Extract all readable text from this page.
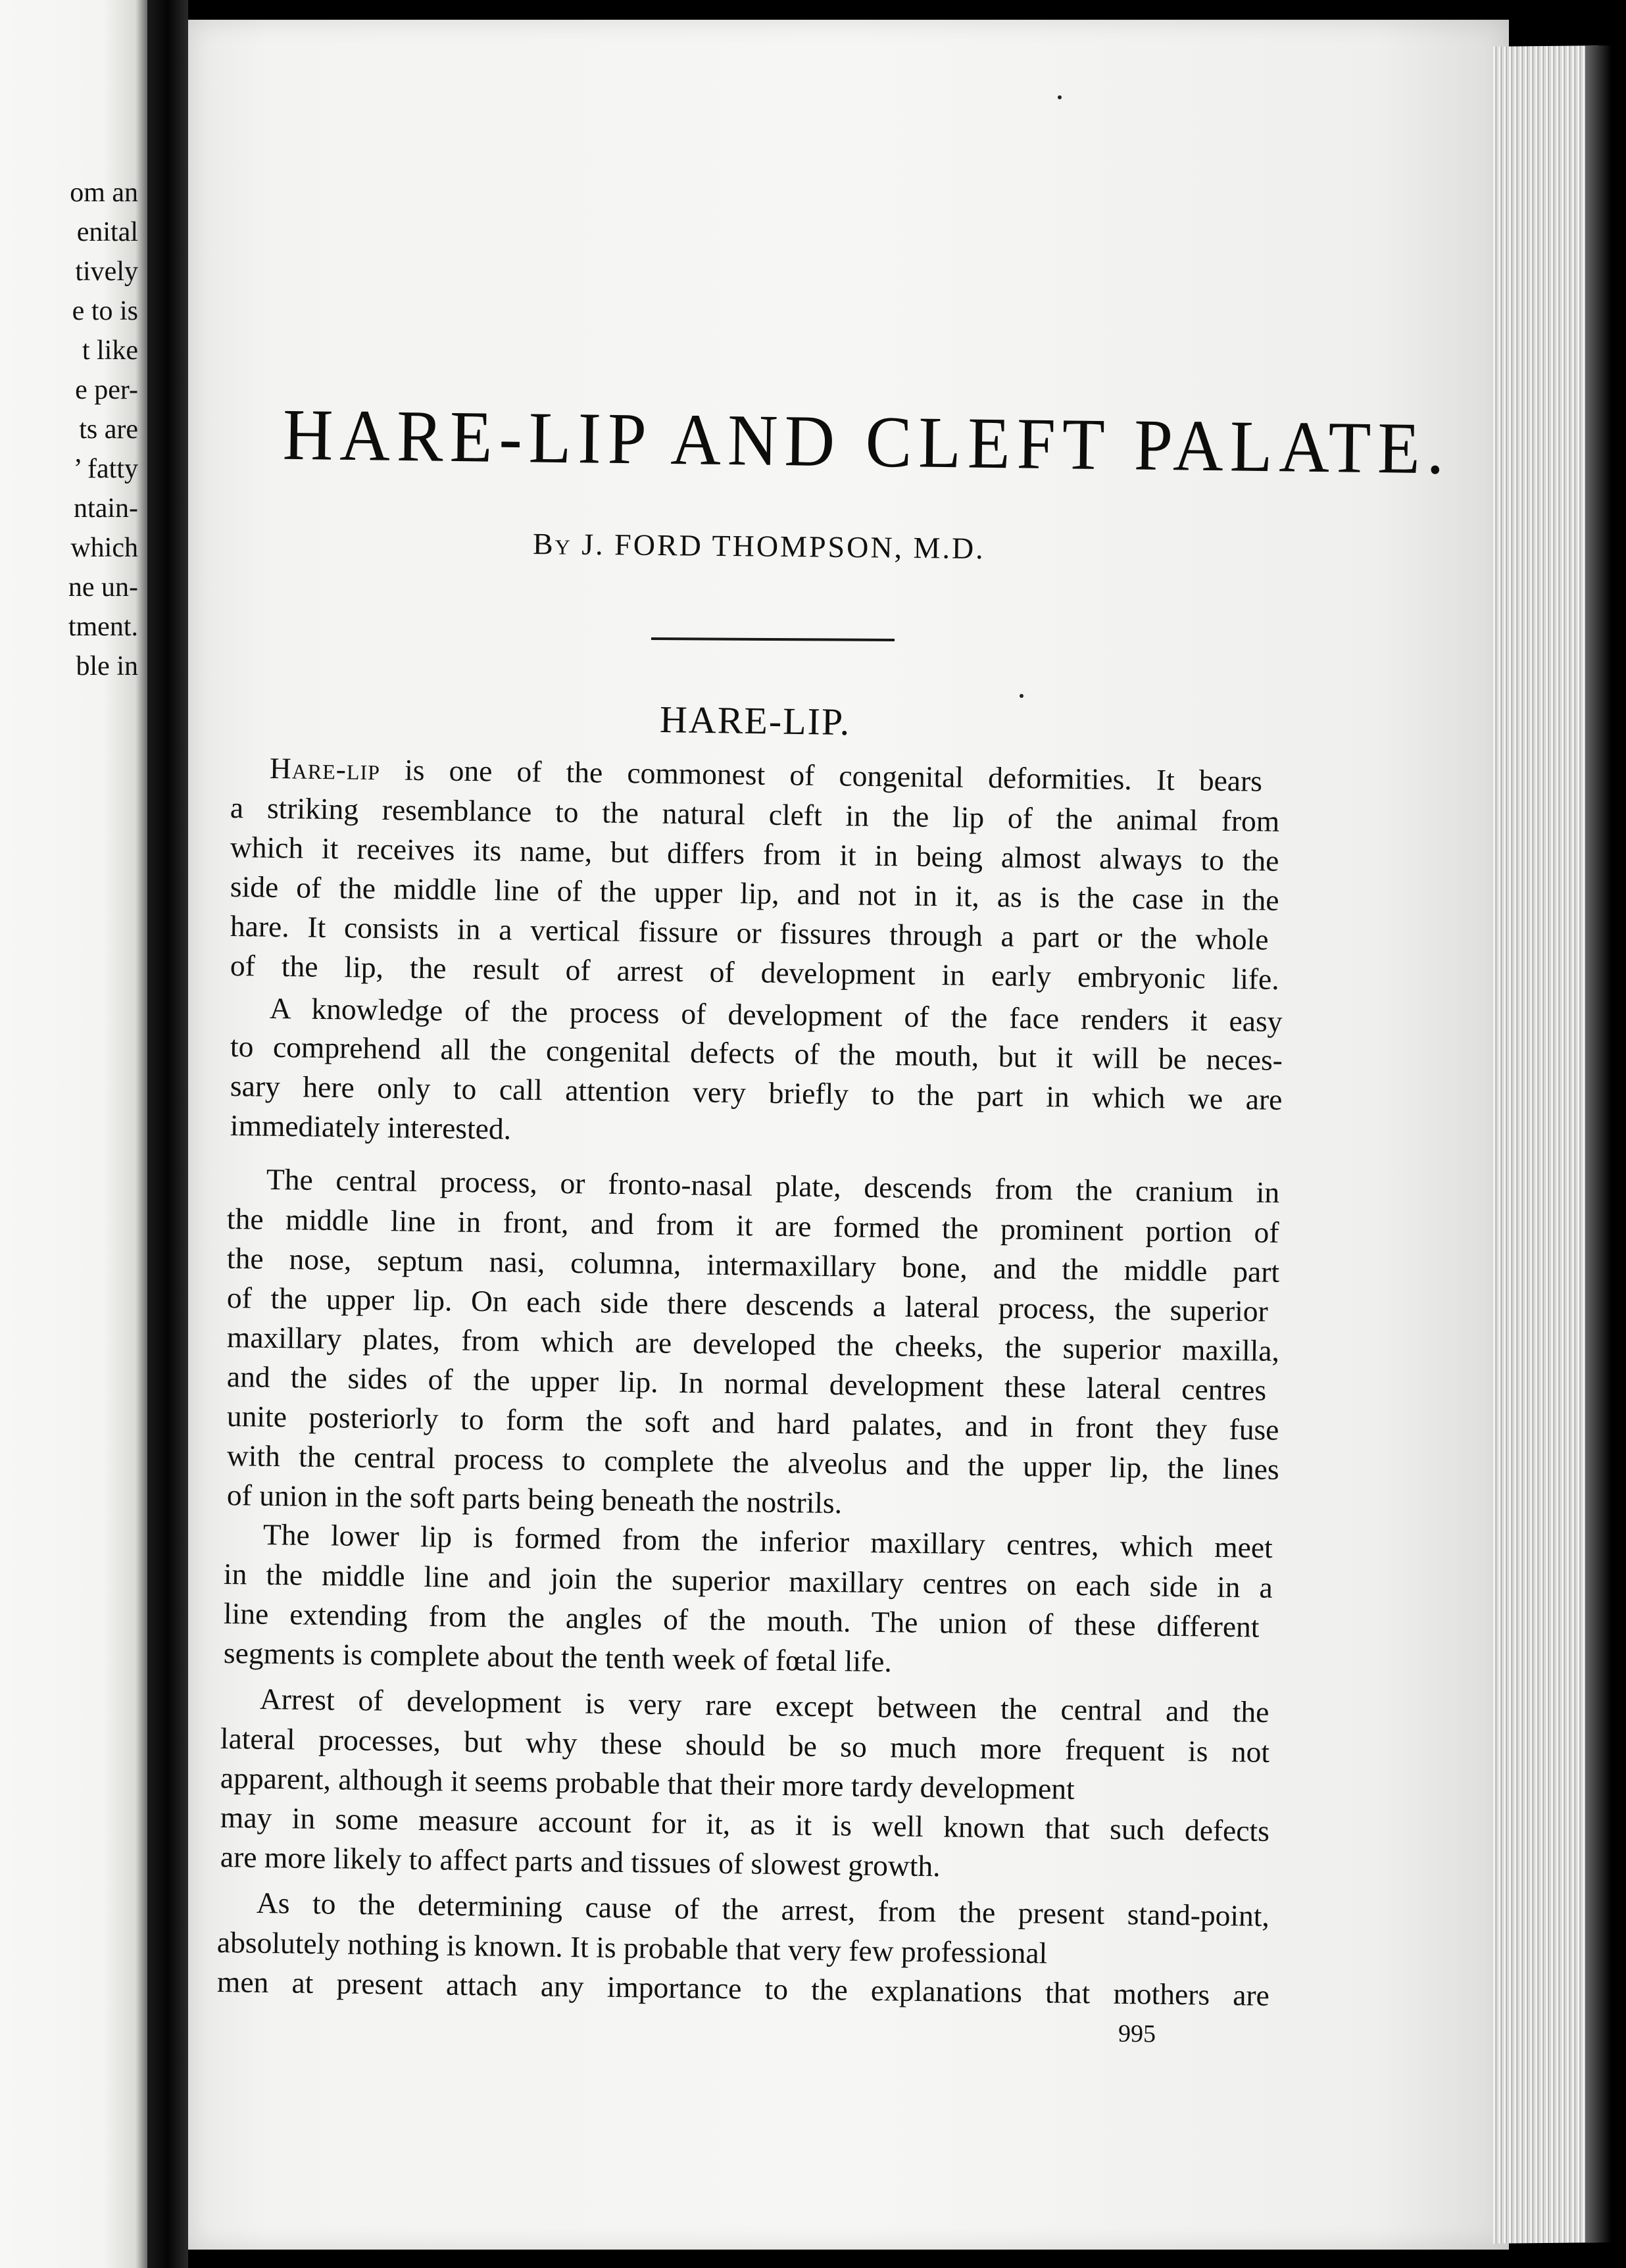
om an
enital
tively
e to is
t like
e per-
ts are
’ fatty
ntain-
which
ne un-
tment.
ble in
HARE-LIP AND CLEFT PALATE.
By J. FORD THOMPSON, M.D.
HARE-LIP.
Hare-lip is one of the commonest of congenital deformities. It bears
a striking resemblance to the natural cleft in the lip of the animal from
which it receives its name, but differs from it in being almost always to the
side of the middle line of the upper lip, and not in it, as is the case in the
hare. It consists in a vertical fissure or fissures through a part or the whole
of the lip, the result of arrest of development in early embryonic life.
A knowledge of the process of development of the face renders it easy
to comprehend all the congenital defects of the mouth, but it will be neces-
sary here only to call attention very briefly to the part in which we are
immediately interested.
The central process, or fronto-nasal plate, descends from the cranium in
the middle line in front, and from it are formed the prominent portion of
the nose, septum nasi, columna, intermaxillary bone, and the middle part
of the upper lip. On each side there descends a lateral process, the superior
maxillary plates, from which are developed the cheeks, the superior maxilla,
and the sides of the upper lip. In normal development these lateral centres
unite posteriorly to form the soft and hard palates, and in front they fuse
with the central process to complete the alveolus and the upper lip, the lines
of union in the soft parts being beneath the nostrils.
The lower lip is formed from the inferior maxillary centres, which meet
in the middle line and join the superior maxillary centres on each side in a
line extending from the angles of the mouth. The union of these different
segments is complete about the tenth week of fœtal life.
Arrest of development is very rare except between the central and the
lateral processes, but why these should be so much more frequent is not
apparent, although it seems probable that their more tardy development
may in some measure account for it, as it is well known that such defects
are more likely to affect parts and tissues of slowest growth.
As to the determining cause of the arrest, from the present stand-point,
absolutely nothing is known. It is probable that very few professional
men at present attach any importance to the explanations that mothers are
995
